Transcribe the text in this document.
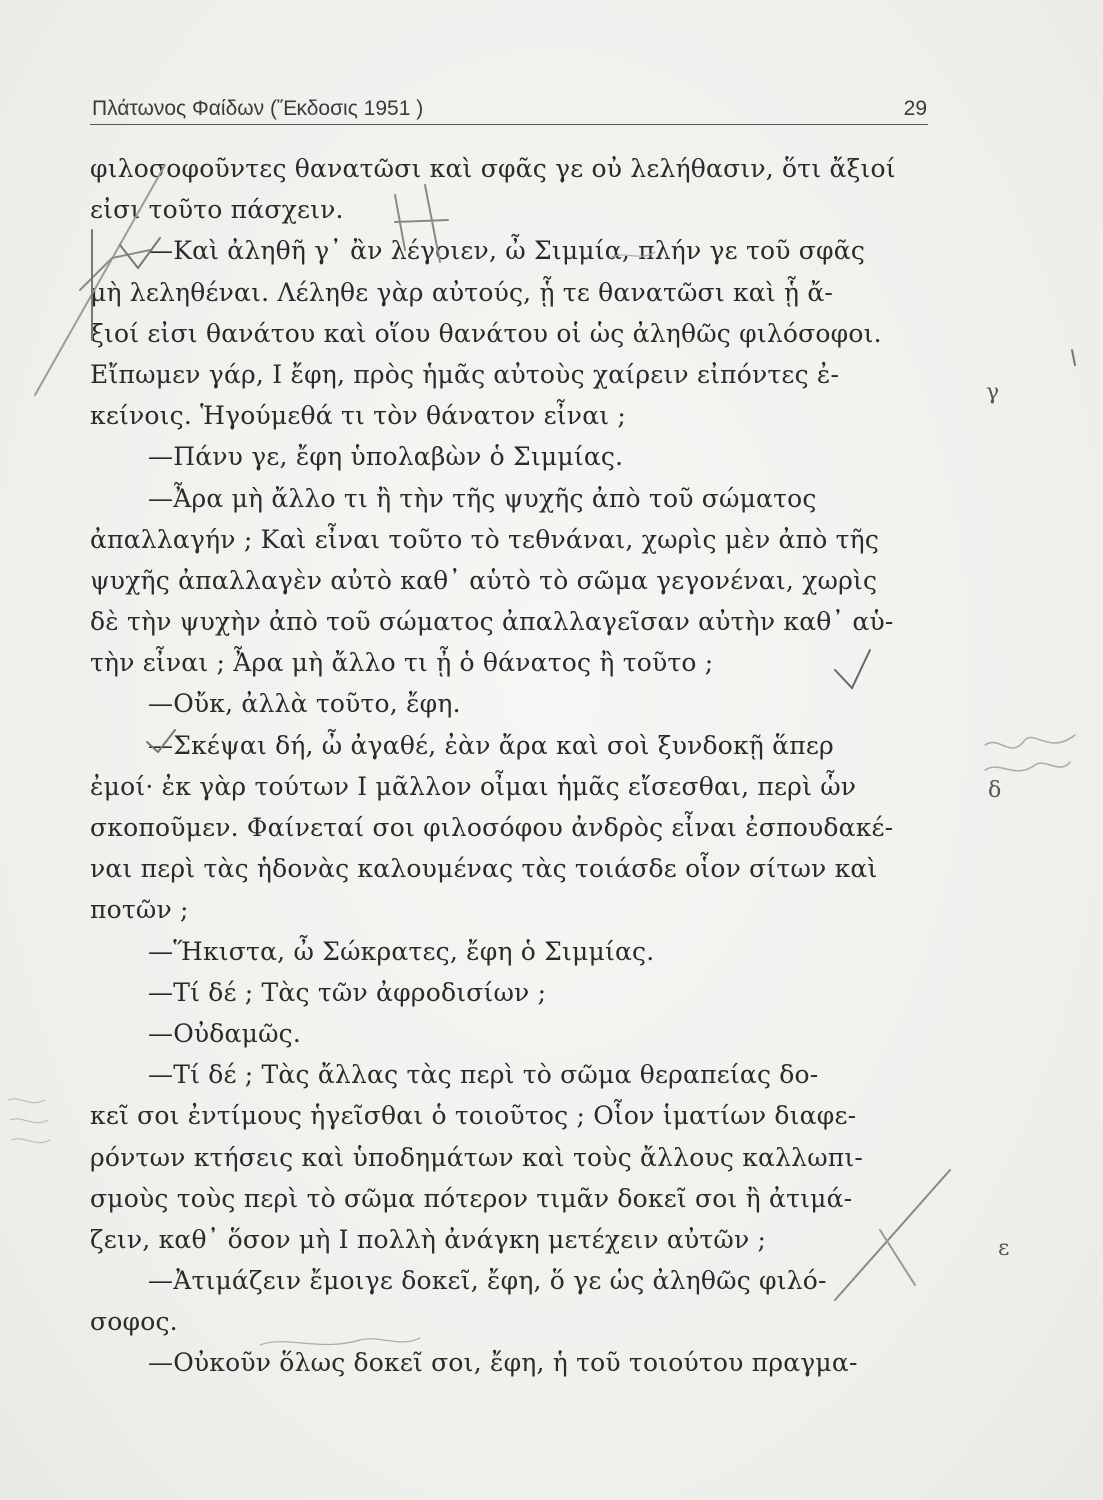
Πλάτωνος Φαίδων (Ἔκδοσις 1951 )	29
φιλοσοφοῦντες θανατῶσι καὶ σφᾶς γε οὐ λελήθασιν, ὅτι ἄξιοί
εἰσι τοῦτο πάσχειν.
—Καὶ ἀληθῆ γ᾽ ἂν λέγοιεν, ὦ Σιμμία, πλήν γε τοῦ σφᾶς
μὴ λεληθέναι. Λέληθε γὰρ αὐτούς, ᾗ τε θανατῶσι καὶ ᾗ ἄ-
ξιοί εἰσι θανάτου καὶ οἵου θανάτου οἱ ὡς ἀληθῶς φιλόσοφοι.
Εἴπωμεν γάρ, Ι ἔφη, πρὸς ἡμᾶς αὐτοὺς χαίρειν εἰπόντες ἐ-
κείνοις. Ἡγούμεθά τι τὸν θάνατον εἶναι ;
—Πάνυ γε, ἔφη ὑπολαβὼν ὁ Σιμμίας.
—Ἆρα μὴ ἄλλο τι ἢ τὴν τῆς ψυχῆς ἀπὸ τοῦ σώματος
ἀπαλλαγήν ; Καὶ εἶναι τοῦτο τὸ τεθνάναι, χωρὶς μὲν ἀπὸ τῆς
ψυχῆς ἀπαλλαγὲν αὐτὸ καθ᾽ αὑτὸ τὸ σῶμα γεγονέναι, χωρὶς
δὲ τὴν ψυχὴν ἀπὸ τοῦ σώματος ἀπαλλαγεῖσαν αὐτὴν καθ᾽ αὑ-
τὴν εἶναι ; Ἆρα μὴ ἄλλο τι ᾖ ὁ θάνατος ἢ τοῦτο ;
—Οὔκ, ἀλλὰ τοῦτο, ἔφη.
—Σκέψαι δή, ὦ ἀγαθέ, ἐὰν ἄρα καὶ σοὶ ξυνδοκῇ ἅπερ
ἐμοί· ἐκ γὰρ τούτων Ι μᾶλλον οἶμαι ἡμᾶς εἴσεσθαι, περὶ ὧν
σκοποῦμεν. Φαίνεταί σοι φιλοσόφου ἀνδρὸς εἶναι ἐσπουδακέ-
ναι περὶ τὰς ἡδονὰς καλουμένας τὰς τοιάσδε οἷον σίτων καὶ
ποτῶν ;
—Ἥκιστα, ὦ Σώκρατες, ἔφη ὁ Σιμμίας.
—Τί δέ ; Τὰς τῶν ἀφροδισίων ;
—Οὐδαμῶς.
—Τί δέ ; Τὰς ἄλλας τὰς περὶ τὸ σῶμα θεραπείας δο-
κεῖ σοι ἐντίμους ἡγεῖσθαι ὁ τοιοῦτος ; Οἷον ἱματίων διαφε-
ρόντων κτήσεις καὶ ὑποδημάτων καὶ τοὺς ἄλλους καλλωπι-
σμοὺς τοὺς περὶ τὸ σῶμα πότερον τιμᾶν δοκεῖ σοι ἢ ἀτιμά-
ζειν, καθ᾽ ὅσον μὴ Ι πολλὴ ἀνάγκη μετέχειν αὐτῶν ;
—Ἀτιμάζειν ἔμοιγε δοκεῖ, ἔφη, ὅ γε ὡς ἀληθῶς φιλό-
σοφος.
—Οὐκοῦν ὅλως δοκεῖ σοι, ἔφη, ἡ τοῦ τοιούτου πραγμα-
γ
δ
ε
